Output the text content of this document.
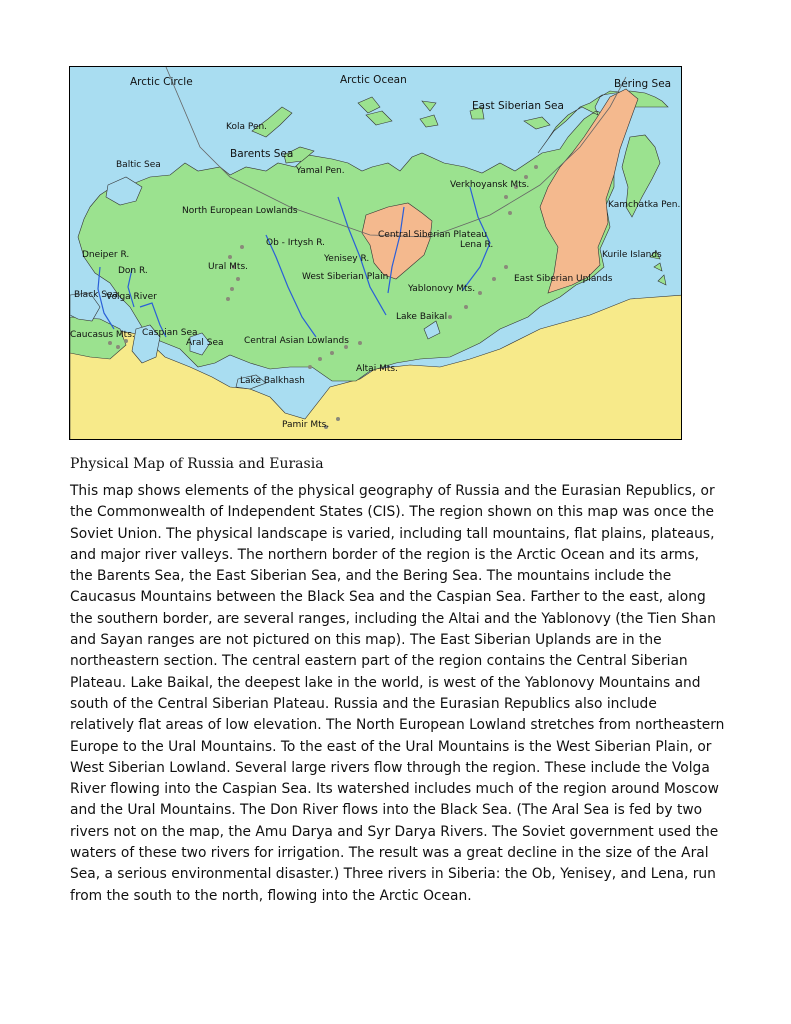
Arctic Circle	Arctic Ocean	Bering Sea
East Siberian Sea
Kola Pen.
Barents Sea
Baltic Sea
Yamal Pen.
Verkhoyansk Mts.
Kamchatka Pen.
North European Lowlands
Central Siberian Plateau
Lena R.
Kurile Islands
Dneiper R.
Ob - Irtysh R.
Yenisey R.
Ural Mts.
Don R.
West Siberian Plain
Yablonovy Mts.
East Siberian Uplands
Black Sea
Volga River
Lake Baikal
Caucasus Mts. Caspian Sea
Aral Sea Central Asian Lowlands
Altai Mts.
Lake Balkhash
Pamir Mts.
Physical Map of Russia and Eurasia
This map shows elements of the physical geography of Russia and the Eurasian Republics, or the Commonwealth of Independent States (CIS). The region shown on this map was once the Soviet Union. The physical landscape is varied, including tall mountains, flat plains, plateaus, and major river valleys. The northern border of the region is the Arctic Ocean and its arms, the Barents Sea, the East Siberian Sea, and the Bering Sea. The mountains include the Caucasus Mountains between the Black Sea and the Caspian Sea. Farther to the east, along the southern border, are several ranges, including the Altai and the Yablonovy (the Tien Shan and Sayan ranges are not pictured on this map). The East Siberian Uplands are in the northeastern section. The central eastern part of the region contains the Central Siberian Plateau. Lake Baikal, the deepest lake in the world, is west of the Yablonovy Mountains and south of the Central Siberian Plateau. Russia and the Eurasian Republics also include relatively flat areas of low elevation. The North European Lowland stretches from northeastern Europe to the Ural Mountains. To the east of the Ural Mountains is the West Siberian Plain, or West Siberian Lowland. Several large rivers flow through the region. These include the Volga River flowing into the Caspian Sea. Its watershed includes much of the region around Moscow and the Ural Mountains. The Don River flows into the Black Sea. (The Aral Sea is fed by two rivers not on the map, the Amu Darya and Syr Darya Rivers. The Soviet government used the waters of these two rivers for irrigation. The result was a great decline in the size of the Aral Sea, a serious environmental disaster.) Three rivers in Siberia: the Ob, Yenisey, and Lena, run from the south to the north, flowing into the Arctic Ocean.
